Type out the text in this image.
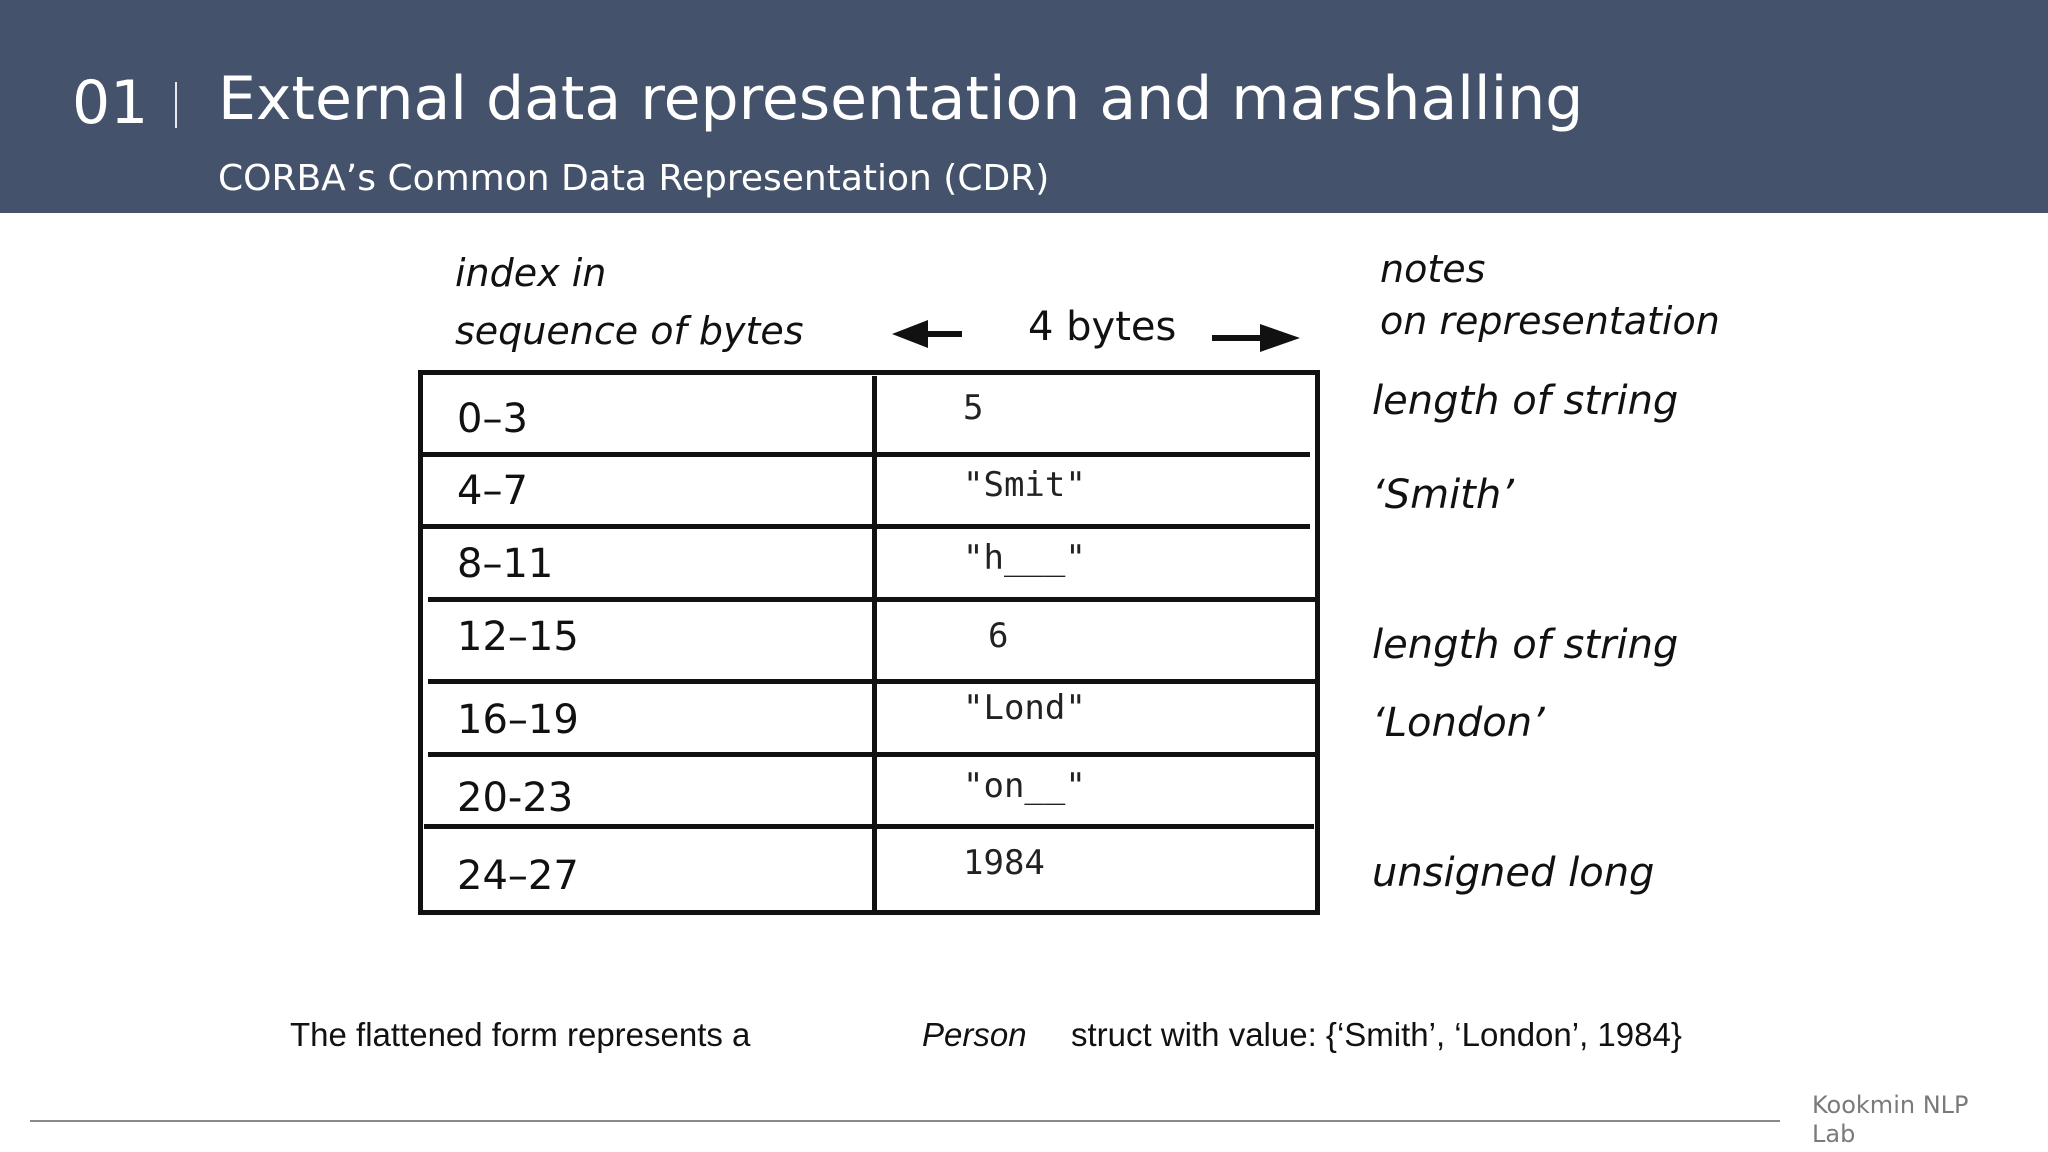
01 External data representation and marshalling
CORBA’s Common Data Representation (CDR)
index in
sequence of bytes	4 bytes
notes
on representation
0–3
4–7
8–11
12–15
16–19
20-23
24–27
5
"Smit"
"h___"
6
"Lond"
"on__"
1984
length of string
‘Smith’
length of string
‘London’
unsigned long
The flattened form represents a	Person struct with value: {‘Smith’, ‘London’, 1984}
Kookmin NLP Lab
